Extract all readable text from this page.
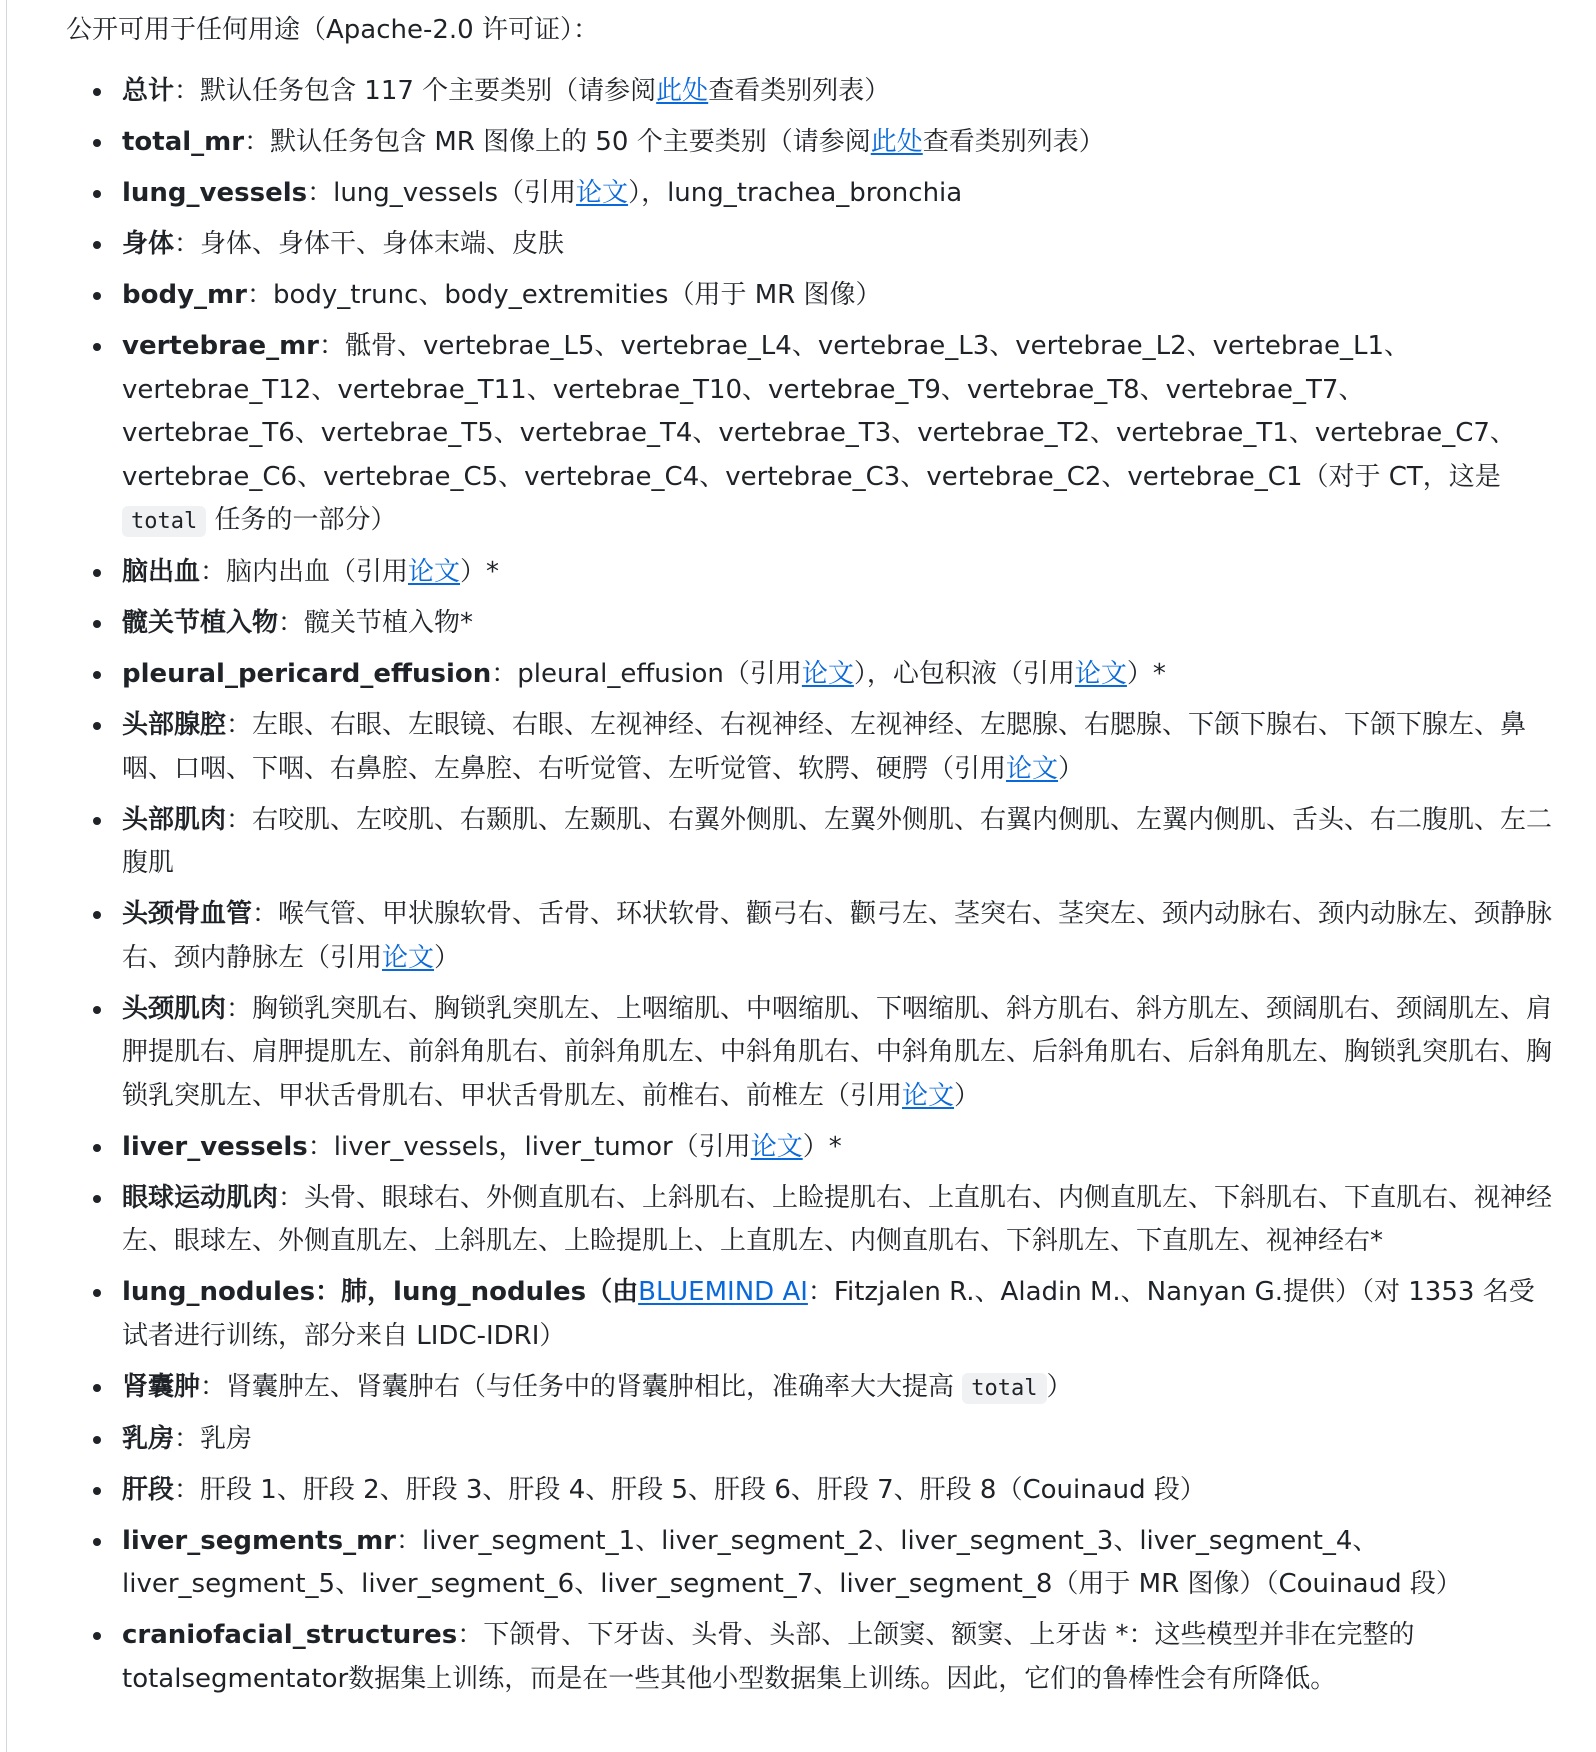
公开可用于任何用途（Apache-2.0 许可证）：

总计：默认任务包含 117 个主要类别（请参阅此处查看类别列表）
total_mr：默认任务包含 MR 图像上的 50 个主要类别（请参阅此处查看类别列表）
lung_vessels：lung_vessels（引用论文），lung_trachea_bronchia
身体：身体、身体干、身体末端、皮肤
body_mr：body_trunc、body_extremities（用于 MR 图像）
vertebrae_mr：骶骨、vertebrae_L5、vertebrae_L4、vertebrae_L3、vertebrae_L2、vertebrae_L1、vertebrae_T12、vertebrae_T11、vertebrae_T10、vertebrae_T9、vertebrae_T8、vertebrae_T7、vertebrae_T6、vertebrae_T5、vertebrae_T4、vertebrae_T3、vertebrae_T2、vertebrae_T1、vertebrae_C7、vertebrae_C6、vertebrae_C5、vertebrae_C4、vertebrae_C3、vertebrae_C2、vertebrae_C1（对于 CT，这是 total 任务的一部分）
脑出血：脑内出血（引用论文）*
髋关节植入物：髋关节植入物*
pleural_pericard_effusion：pleural_effusion（引用论文），心包积液（引用论文）*
头部腺腔：左眼、右眼、左眼镜、右眼、左视神经、右视神经、左视神经、左腮腺、右腮腺、下颌下腺右、下颌下腺左、鼻咽、口咽、下咽、右鼻腔、左鼻腔、右听觉管、左听觉管、软腭、硬腭（引用论文）
头部肌肉：右咬肌、左咬肌、右颞肌、左颞肌、右翼外侧肌、左翼外侧肌、右翼内侧肌、左翼内侧肌、舌头、右二腹肌、左二腹肌
头颈骨血管：喉气管、甲状腺软骨、舌骨、环状软骨、颧弓右、颧弓左、茎突右、茎突左、颈内动脉右、颈内动脉左、颈静脉右、颈内静脉左（引用论文）
头颈肌肉：胸锁乳突肌右、胸锁乳突肌左、上咽缩肌、中咽缩肌、下咽缩肌、斜方肌右、斜方肌左、颈阔肌右、颈阔肌左、肩胛提肌右、肩胛提肌左、前斜角肌右、前斜角肌左、中斜角肌右、中斜角肌左、后斜角肌右、后斜角肌左、胸锁乳突肌右、胸锁乳突肌左、甲状舌骨肌右、甲状舌骨肌左、前椎右、前椎左（引用论文）
liver_vessels：liver_vessels，liver_tumor（引用论文）*
眼球运动肌肉：头骨、眼球右、外侧直肌右、上斜肌右、上睑提肌右、上直肌右、内侧直肌左、下斜肌右、下直肌右、视神经左、眼球左、外侧直肌左、上斜肌左、上睑提肌上、上直肌左、内侧直肌右、下斜肌左、下直肌左、视神经右*
lung_nodules：肺，lung_nodules（由BLUEMIND AI：Fitzjalen R.、Aladin M.、Nanyan G.提供）（对 1353 名受试者进行训练，部分来自 LIDC-IDRI）
肾囊肿：肾囊肿左、肾囊肿右（与任务中的肾囊肿相比，准确率大大提高 total ）
乳房：乳房
肝段：肝段 1、肝段 2、肝段 3、肝段 4、肝段 5、肝段 6、肝段 7、肝段 8（Couinaud 段）
liver_segments_mr：liver_segment_1、liver_segment_2、liver_segment_3、liver_segment_4、liver_segment_5、liver_segment_6、liver_segment_7、liver_segment_8（用于 MR 图像）（Couinaud 段）
craniofacial_structures：下颌骨、下牙齿、头骨、头部、上颌窦、额窦、上牙齿 *：这些模型并非在完整的totalsegmentator数据集上训练，而是在一些其他小型数据集上训练。因此，它们的鲁棒性会有所降低。
